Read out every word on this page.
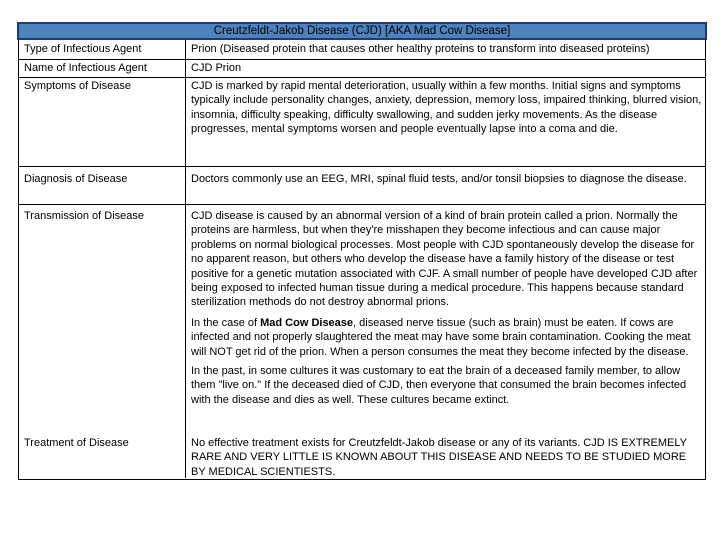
Creutzfeldt-Jakob Disease (CJD) [AKA Mad Cow Disease]
Type of Infectious Agent	Prion (Diseased protein that causes other healthy proteins to transform into diseased proteins)
Name of Infectious Agent	CJD Prion
Symptoms of Disease	CJD is marked by rapid mental deterioration, usually within a few months. Initial signs and symptoms typically include personality changes, anxiety, depression, memory loss, impaired thinking, blurred vision, insomnia, difficulty speaking, difficulty swallowing, and sudden jerky movements. As the disease progresses, mental symptoms worsen and people eventually lapse into a coma and die.
Diagnosis of Disease	Doctors commonly use an EEG, MRI, spinal fluid tests, and/or tonsil biopsies to diagnose the disease.
Transmission of Disease	CJD disease is caused by an abnormal version of a kind of brain protein called a prion. Normally the proteins are harmless, but when they're misshapen they become infectious and can cause major problems on normal biological processes. Most people with CJD spontaneously develop the disease for no apparent reason, but others who develop the disease have a family history of the disease or test positive for a genetic mutation associated with CJF. A small number of people have developed CJD after being exposed to infected human tissue during a medical procedure. This happens because standard sterilization methods do not destroy abnormal prions.

In the case of Mad Cow Disease, diseased nerve tissue (such as brain) must be eaten. If cows are infected and not properly slaughtered the meat may have some brain contamination. Cooking the meat will NOT get rid of the prion. When a person consumes the meat they become infected by the disease.

In the past, in some cultures it was customary to eat the brain of a deceased family member, to allow them "live on." If the deceased died of CJD, then everyone that consumed the brain becomes infected with the disease and dies as well. These cultures became extinct.

Treatment of Disease	No effective treatment exists for Creutzfeldt-Jakob disease or any of its variants. CJD IS EXTREMELY RARE AND VERY LITTLE IS KNOWN ABOUT THIS DISEASE AND NEEDS TO BE STUDIED MORE BY MEDICAL SCIENTIESTS.
